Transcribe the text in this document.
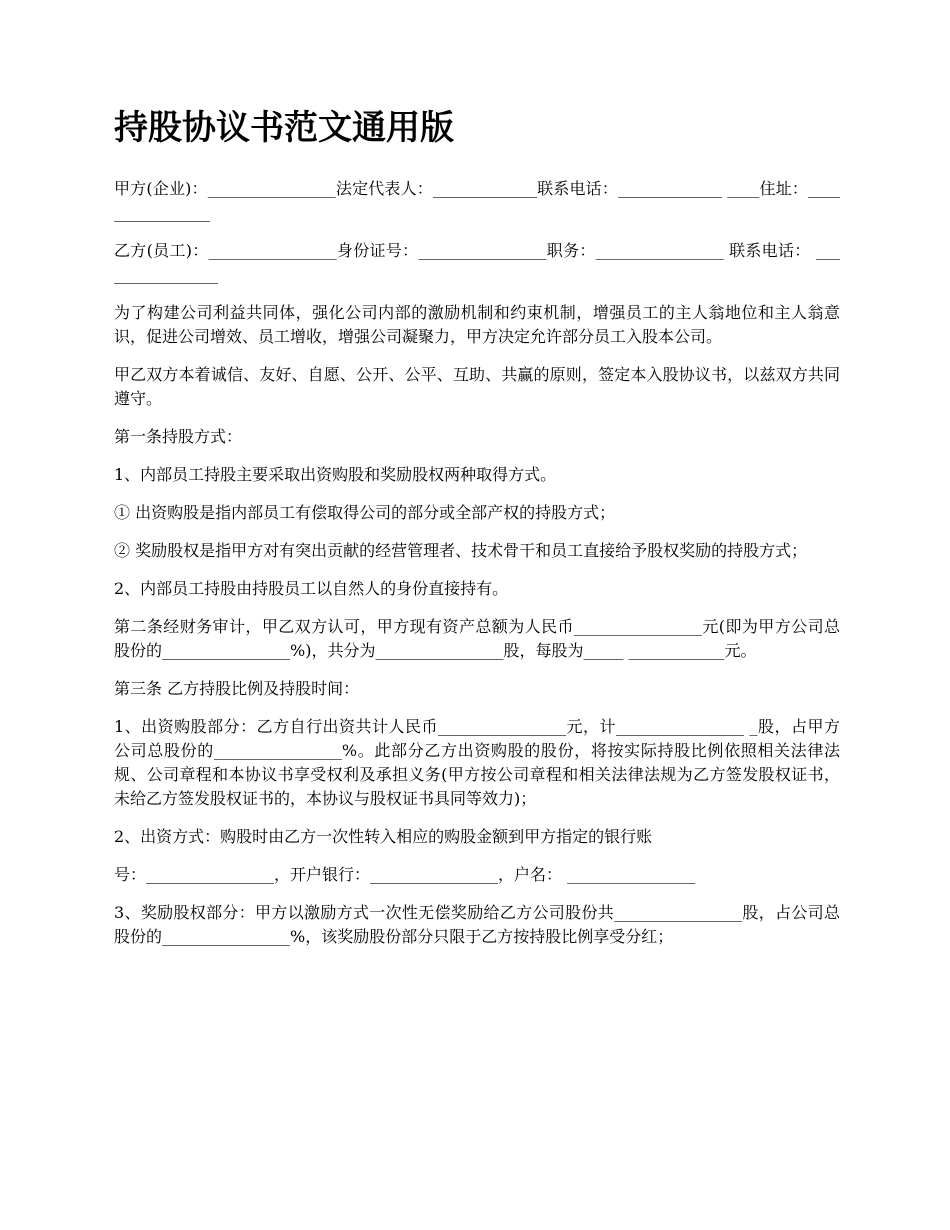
持股协议书范文通用版

甲方(企业)：________________法定代表人：_____________联系电话：_____________ ____住址：________________

乙方(员工)：________________身份证号：________________职务：________________ 联系电话： ________________

为了构建公司利益共同体，强化公司内部的激励机制和约束机制，增强员工的主人翁地位和主人翁意识，促进公司增效、员工增收，增强公司凝聚力，甲方决定允许部分员工入股本公司。

甲乙双方本着诚信、友好、自愿、公开、公平、互助、共赢的原则，签定本入股协议书，以兹双方共同遵守。

第一条持股方式：

1、内部员工持股主要采取出资购股和奖励股权两种取得方式。

① 出资购股是指内部员工有偿取得公司的部分或全部产权的持股方式；

② 奖励股权是指甲方对有突出贡献的经营管理者、技术骨干和员工直接给予股权奖励的持股方式；

2、内部员工持股由持股员工以自然人的身份直接持有。

第二条经财务审计，甲乙双方认可，甲方现有资产总额为人民币________________元(即为甲方公司总股份的________________%)，共分为________________股，每股为_____ ____________元。

第三条 乙方持股比例及持股时间：

1、出资购股部分：乙方自行出资共计人民币________________元，计________________ _股，占甲方公司总股份的________________%。此部分乙方出资购股的股份，将按实际持股比例依照相关法律法规、公司章程和本协议书享受权利及承担义务(甲方按公司章程和相关法律法规为乙方签发股权证书，未给乙方签发股权证书的，本协议与股权证书具同等效力)；

2、出资方式：购股时由乙方一次性转入相应的购股金额到甲方指定的银行账

号：________________，开户银行：________________，户名： ________________

3、奖励股权部分：甲方以激励方式一次性无偿奖励给乙方公司股份共________________股，占公司总股份的________________%，该奖励股份部分只限于乙方按持股比例享受分红；
